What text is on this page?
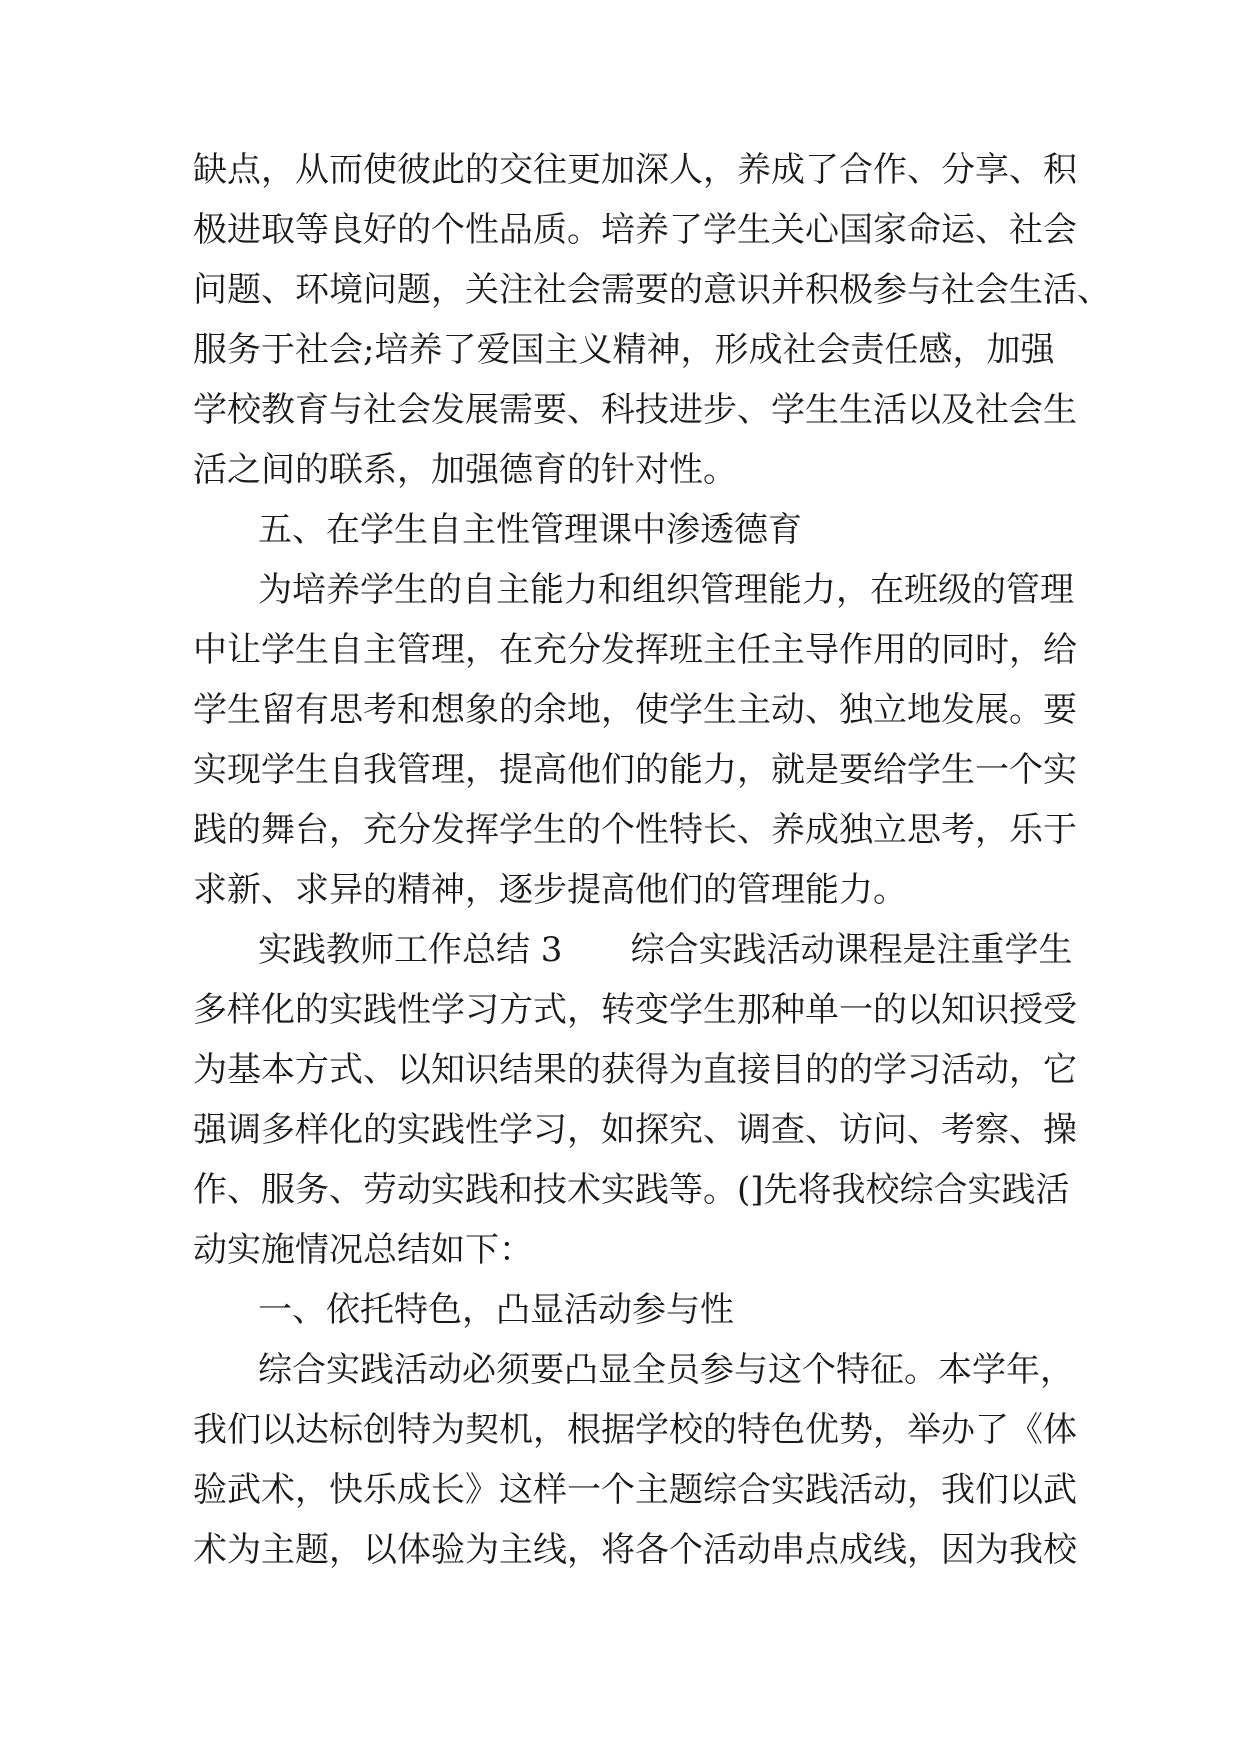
缺点，从而使彼此的交往更加深人，养成了合作、分享、积
极进取等良好的个性品质。培养了学生关心国家命运、社会
问题、环境问题，关注社会需要的意识并积极参与社会生活、
服务于社会;培养了爱国主义精神，形成社会责任感，加强
学校教育与社会发展需要、科技进步、学生生活以及社会生
活之间的联系，加强德育的针对性。
五、在学生自主性管理课中渗透德育
为培养学生的自主能力和组织管理能力，在班级的管理
中让学生自主管理，在充分发挥班主任主导作用的同时，给
学生留有思考和想象的余地，使学生主动、独立地发展。要
实现学生自我管理，提高他们的能力，就是要给学生一个实
践的舞台，充分发挥学生的个性特长、养成独立思考，乐于
求新、求异的精神，逐步提高他们的管理能力。
实践教师工作总结 3　　综合实践活动课程是注重学生
多样化的实践性学习方式，转变学生那种单一的以知识授受
为基本方式、以知识结果的获得为直接目的的学习活动，它
强调多样化的实践性学习，如探究、调查、访问、考察、操
作、服务、劳动实践和技术实践等。(]先将我校综合实践活
动实施情况总结如下：
一、依托特色，凸显活动参与性
综合实践活动必须要凸显全员参与这个特征。本学年，
我们以达标创特为契机，根据学校的特色优势，举办了《体
验武术，快乐成长》这样一个主题综合实践活动，我们以武
术为主题，以体验为主线，将各个活动串点成线，因为我校
